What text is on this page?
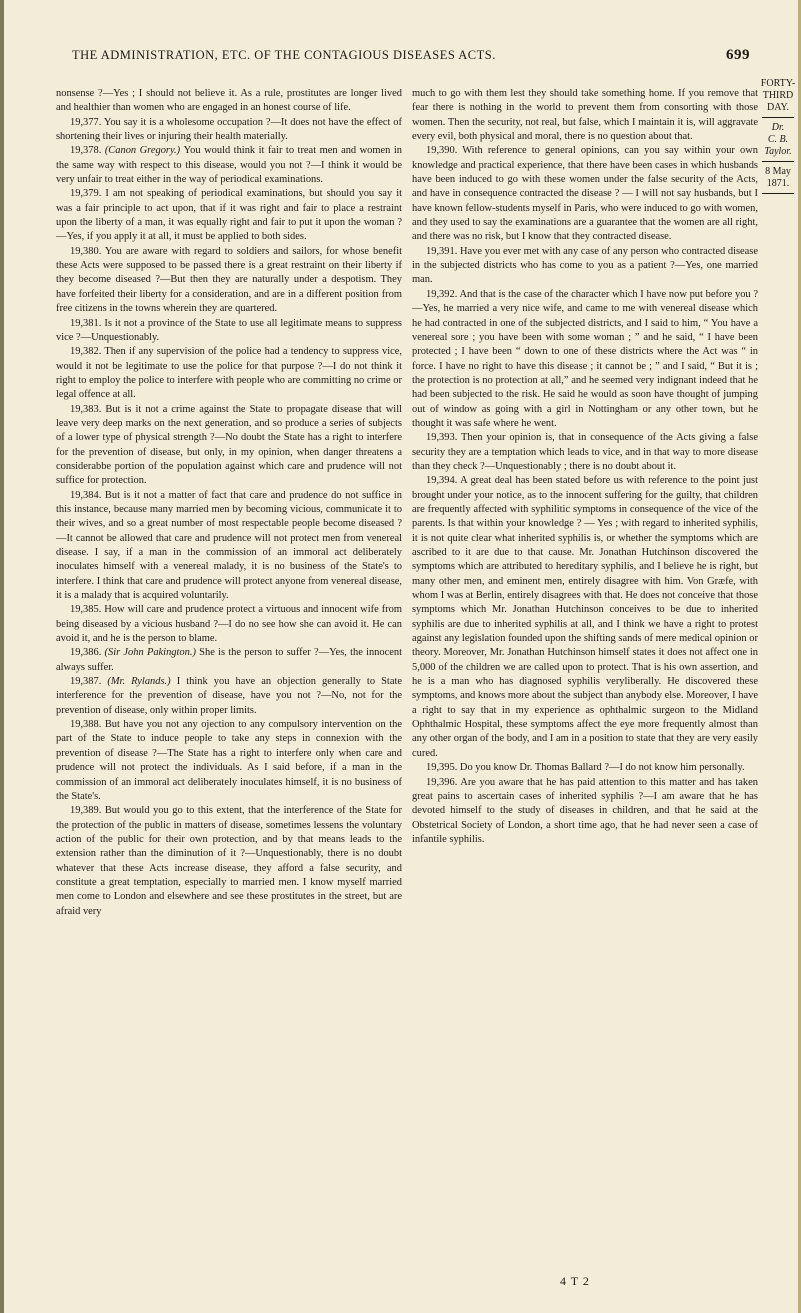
THE ADMINISTRATION, ETC. OF THE CONTAGIOUS DISEASES ACTS.	699

nonsense ?—Yes ; I should not believe it. As a rule, prostitutes are longer lived and healthier than women who are engaged in an honest course of life.

19,377. You say it is a wholesome occupation ?—It does not have the effect of shortening their lives or injuring their health materially.

19,378. (Canon Gregory.) You would think it fair to treat men and women in the same way with respect to this disease, would you not ?—I think it would be very unfair to treat either in the way of periodical examinations.

19,379. I am not speaking of periodical examinations, but should you say it was a fair principle to act upon, that if it was right and fair to place a restraint upon the liberty of a man, it was equally right and fair to put it upon the woman ?—Yes, if you apply it at all, it must be applied to both sides.

19,380. You are aware with regard to soldiers and sailors, for whose benefit these Acts were supposed to be passed there is a great restraint on their liberty if they become diseased ?—But then they are naturally under a despotism. They have forfeited their liberty for a consideration, and are in a different position from free citizens in the towns wherein they are quartered.

19,381. Is it not a province of the State to use all legitimate means to suppress vice ?—Unquestionably.

19,382. Then if any supervision of the police had a tendency to suppress vice, would it not be legitimate to use the police for that purpose ?—I do not think it right to employ the police to interfere with people who are committing no crime or legal offence at all.

19,383. But is it not a crime against the State to propagate disease that will leave very deep marks on the next generation, and so produce a series of subjects of a lower type of physical strength ?—No doubt the State has a right to interfere for the prevention of disease, but only, in my opinion, when danger threatens a considerabbe portion of the population against which care and prudence will not suffice for protection.

19,384. But is it not a matter of fact that care and prudence do not suffice in this instance, because many married men by becoming vicious, communicate it to their wives, and so a great number of most respectable people become diseased ?—It cannot be allowed that care and prudence will not protect men from venereal disease. I say, if a man in the commission of an immoral act deliberately inoculates himself with a venereal malady, it is no business of the State's to interfere. I think that care and prudence will protect anyone from venereal disease, it is a malady that is acquired voluntarily.

19,385. How will care and prudence protect a virtuous and innocent wife from being diseased by a vicious husband ?—I do no see how she can avoid it. He can avoid it, and he is the person to blame.

19,386. (Sir John Pakington.) She is the person to suffer ?—Yes, the innocent always suffer.

19,387. (Mr. Rylands.) I think you have an objection generally to State interference for the prevention of disease, have you not ?—No, not for the prevention of disease, only within proper limits.

19,388. But have you not any ojection to any compulsory intervention on the part of the State to induce people to take any steps in connexion with the prevention of disease ?—The State has a right to interfere only when care and prudence will not protect the individuals. As I said before, if a man in the commission of an immoral act deliberately inoculates himself, it is no business of the State's.

19,389. But would you go to this extent, that the interference of the State for the protection of the public in matters of disease, sometimes lessens the voluntary action of the public for their own protection, and by that means leads to the extension rather than the diminution of it ?—Unquestionably, there is no doubt whatever that these Acts increase disease, they afford a false security, and constitute a great temptation, especially to married men. I know myself married men come to London and elsewhere and see these prostitutes in the street, but are afraid very

much to go with them lest they should take something home. If you remove that fear there is nothing in the world to prevent them from consorting with those women. Then the security, not real, but false, which I maintain it is, will aggravate every evil, both physical and moral, there is no question about that.

19,390. With reference to general opinions, can you say within your own knowledge and practical experience, that there have been cases in which husbands have been induced to go with these women under the false security of the Acts, and have in consequence contracted the disease ? — I will not say husbands, but I have known fellow-students myself in Paris, who were induced to go with women, and they used to say the examinations are a guarantee that the women are all right, and there was no risk, but I know that they contracted disease.

19,391. Have you ever met with any case of any person who contracted disease in the subjected districts who has come to you as a patient ?—Yes, one married man.

19,392. And that is the case of the character which I have now put before you ?—Yes, he married a very nice wife, and came to me with venereal disease which he had contracted in one of the subjected districts, and I said to him, “ You have a venereal sore ; you have been with some woman ; ” and he said, “ I have been protected ; I have been “ down to one of these districts where the Act was “ in force. I have no right to have this disease ; it cannot be ; ” and I said, “ But it is ; the protection is no protection at all,” and he seemed very indignant indeed that he had been subjected to the risk. He said he would as soon have thought of jumping out of window as going with a girl in Nottingham or any other town, but he thought it was safe where he went.

19,393. Then your opinion is, that in consequence of the Acts giving a false security they are a temptation which leads to vice, and in that way to more disease than they check ?—Unquestionably ; there is no doubt about it.

19,394. A great deal has been stated before us with reference to the point just brought under your notice, as to the innocent suffering for the guilty, that children are frequently affected with syphilitic symptoms in consequence of the vice of the parents. Is that within your knowledge ? — Yes ; with regard to inherited syphilis, it is not quite clear what inherited syphilis is, or whether the symptoms which are ascribed to it are due to that cause. Mr. Jonathan Hutchinson discovered the symptoms which are attributed to hereditary syphilis, and I believe he is right, but many other men, and eminent men, entirely disagree with him. Von Græfe, with whom I was at Berlin, entirely disagrees with that. He does not conceive that those symptoms which Mr. Jonathan Hutchinson conceives to be due to inherited syphilis are due to inherited syphilis at all, and I think we have a right to protest against any legislation founded upon the shifting sands of mere medical opinion or theory. Moreover, Mr. Jonathan Hutchinson himself states it does not affect one in 5,000 of the children we are called upon to protect. That is his own assertion, and he is a man who has diagnosed syphilis veryliberally. He discovered these symptoms, and knows more about the subject than anybody else. Moreover, I have a right to say that in my experience as ophthalmic surgeon to the Midland Ophthalmic Hospital, these symptoms affect the eye more frequently almost than any other organ of the body, and I am in a position to state that they are very easily cured.

19,395. Do you know Dr. Thomas Ballard ?—I do not know him personally.

19,396. Are you aware that he has paid attention to this matter and has taken great pains to ascertain cases of inherited syphilis ?—I am aware that he has devoted himself to the study of diseases in children, and that he said at the Obstetrical Society of London, a short time ago, that he had never seen a case of infantile syphilis.

FORTY-
THIRD DAY.
Dr.
C. B. Taylor.
8 May 1871.
4 T 2
